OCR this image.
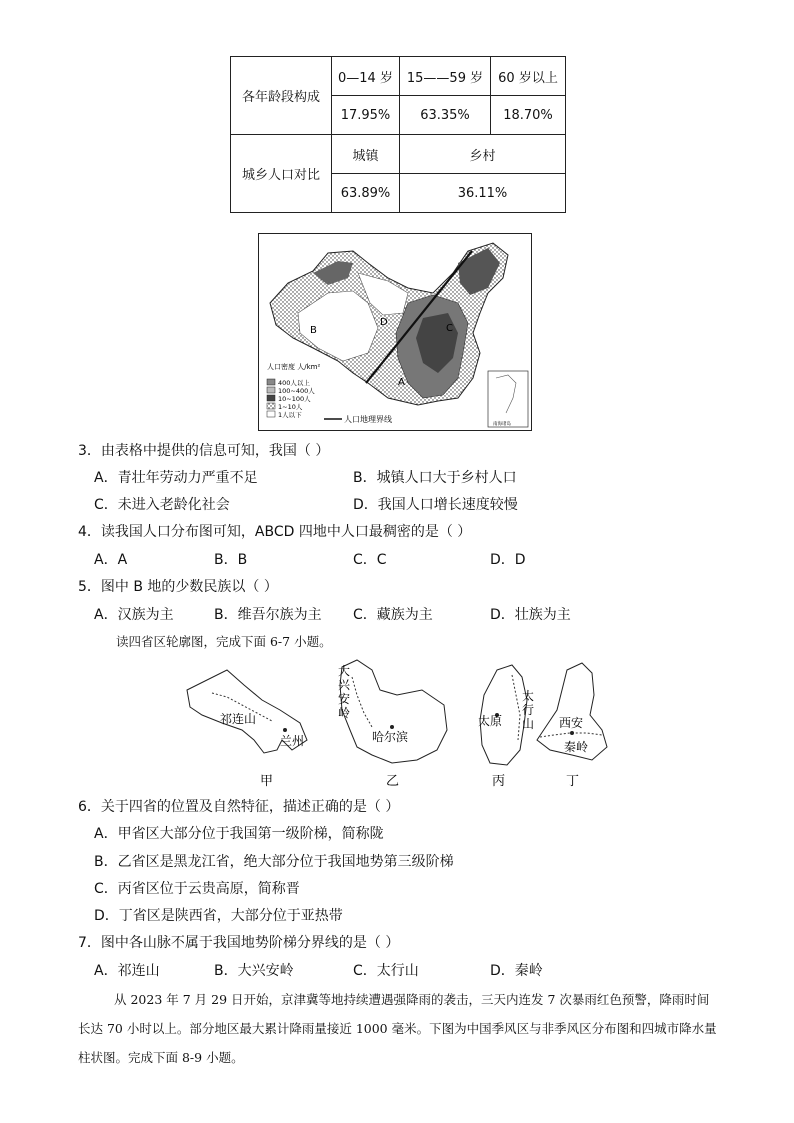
各年龄段构成	0—14 岁	15——59 岁	60 岁以上
	17.95%	63.35%	18.70%
城乡人口对比	城镇	乡村	
	63.89%	36.11%	
A
B	C
D
人口密度 人/km²
400人以上
100~400人
10~100人
1~10人
1人以下	人口地理界线
南海诸岛
3．由表格中提供的信息可知，我国（ ）
A．青壮年劳动力严重不足	B．城镇人口大于乡村人口
C．未进入老龄化社会	D．我国人口增长速度较慢
4．读我国人口分布图可知，ABCD 四地中人口最稠密的是（ ）
A．A	B．B	C．C	D．D
5．图中 B 地的少数民族以（ ）
A．汉族为主	B．维吾尔族为主 C．藏族为主	D．壮族为主
读四省区轮廓图，完成下面 6-7 小题。
祁连山
兰州
大
兴
安
岭
哈尔滨
太原
太
行
山 西安
秦岭
甲	乙	丙	丁
6．关于四省的位置及自然特征，描述正确的是（ ）
A．甲省区大部分位于我国第一级阶梯，简称陇
B．乙省区是黑龙江省，绝大部分位于我国地势第三级阶梯
C．丙省区位于云贵高原，简称晋
D．丁省区是陕西省，大部分位于亚热带
7．图中各山脉不属于我国地势阶梯分界线的是（ ）
A．祁连山	B．大兴安岭	C．太行山	D．秦岭
从 2023 年 7 月 29 日开始，京津冀等地持续遭遇强降雨的袭击，三天内连发 7 次暴雨红色预警，降雨时间长达 70 小时以上。部分地区最大累计降雨量接近 1000 毫米。下图为中国季风区与非季风区分布图和四城市降水量柱状图。完成下面 8-9 小题。
